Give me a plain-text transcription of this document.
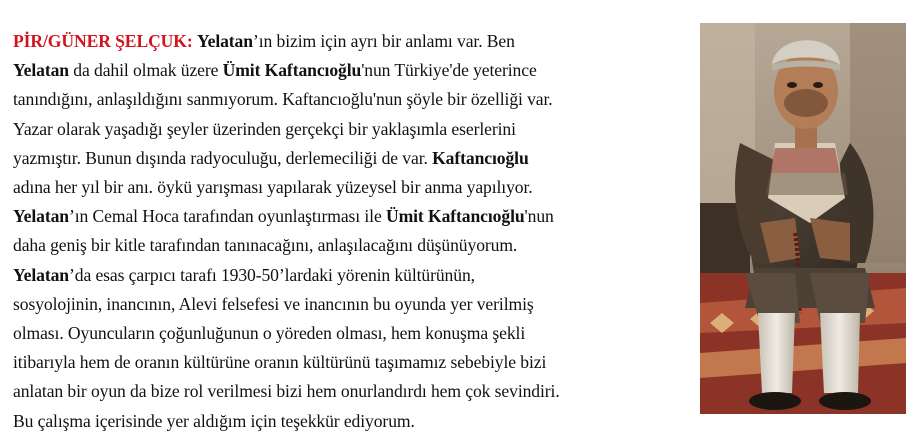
PİR/GÜNER ŞELÇUK: Yelatan’ın bizim için ayrı bir anlamı var. Ben
Yelatan da dahil olmak üzere Ümit Kaftancıoğlu'nun Türkiye'de yeterince
tanındığını, anlaşıldığını sanmıyorum. Kaftancıoğlu'nun şöyle bir özelliği var.
Yazar olarak yaşadığı şeyler üzerinden gerçekçi bir yaklaşımla eserlerini
yazmıştır. Bunun dışında radyoculuğu, derlemeciliği de var. Kaftancıoğlu
adına her yıl bir anı. öykü yarışması yapılarak yüzeysel bir anma yapılıyor.
Yelatan’ın Cemal Hoca tarafından oyunlaştırması ile Ümit Kaftancıoğlu'nun
daha geniş bir kitle tarafından tanınacağını, anlaşılacağını düşünüyorum.
Yelatan’da esas çarpıcı tarafı 1930-50’lardaki yörenin kültürünün,
sosyolojinin, inancının, Alevi felsefesi ve inancının bu oyunda yer verilmiş
olması. Oyuncuların çoğunluğunun o yöreden olması, hem konuşma şekli
itibarıyla hem de oranın kültürüne oranın kültürünü taşımamız sebebiyle bizi
anlatan bir oyun da bize rol verilmesi bizi hem onurlandırdı hem çok sevindiri.
Bu çalışma içerisinde yer aldığım için teşekkür ediyorum.
